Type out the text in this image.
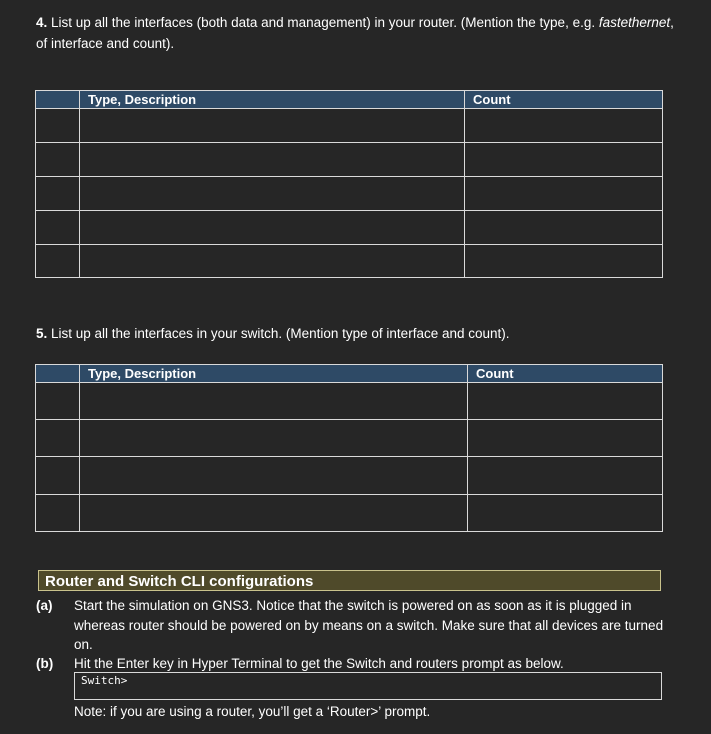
4. List up all the interfaces (both data and management) in your router. (Mention the type, e.g. fastethernet, of interface and count).
	Type, Description	Count

5. List up all the interfaces in your switch. (Mention type of interface and count).
	Type, Description	Count

Router and Switch CLI configurations
(a) Start the simulation on GNS3. Notice that the switch is powered on as soon as it is plugged in whereas router should be powered on by means on a switch. Make sure that all devices are turned on.
(b) Hit the Enter key in Hyper Terminal to get the Switch and routers prompt as below.
Switch>
Note: if you are using a router, you’ll get a ‘Router>’ prompt.
